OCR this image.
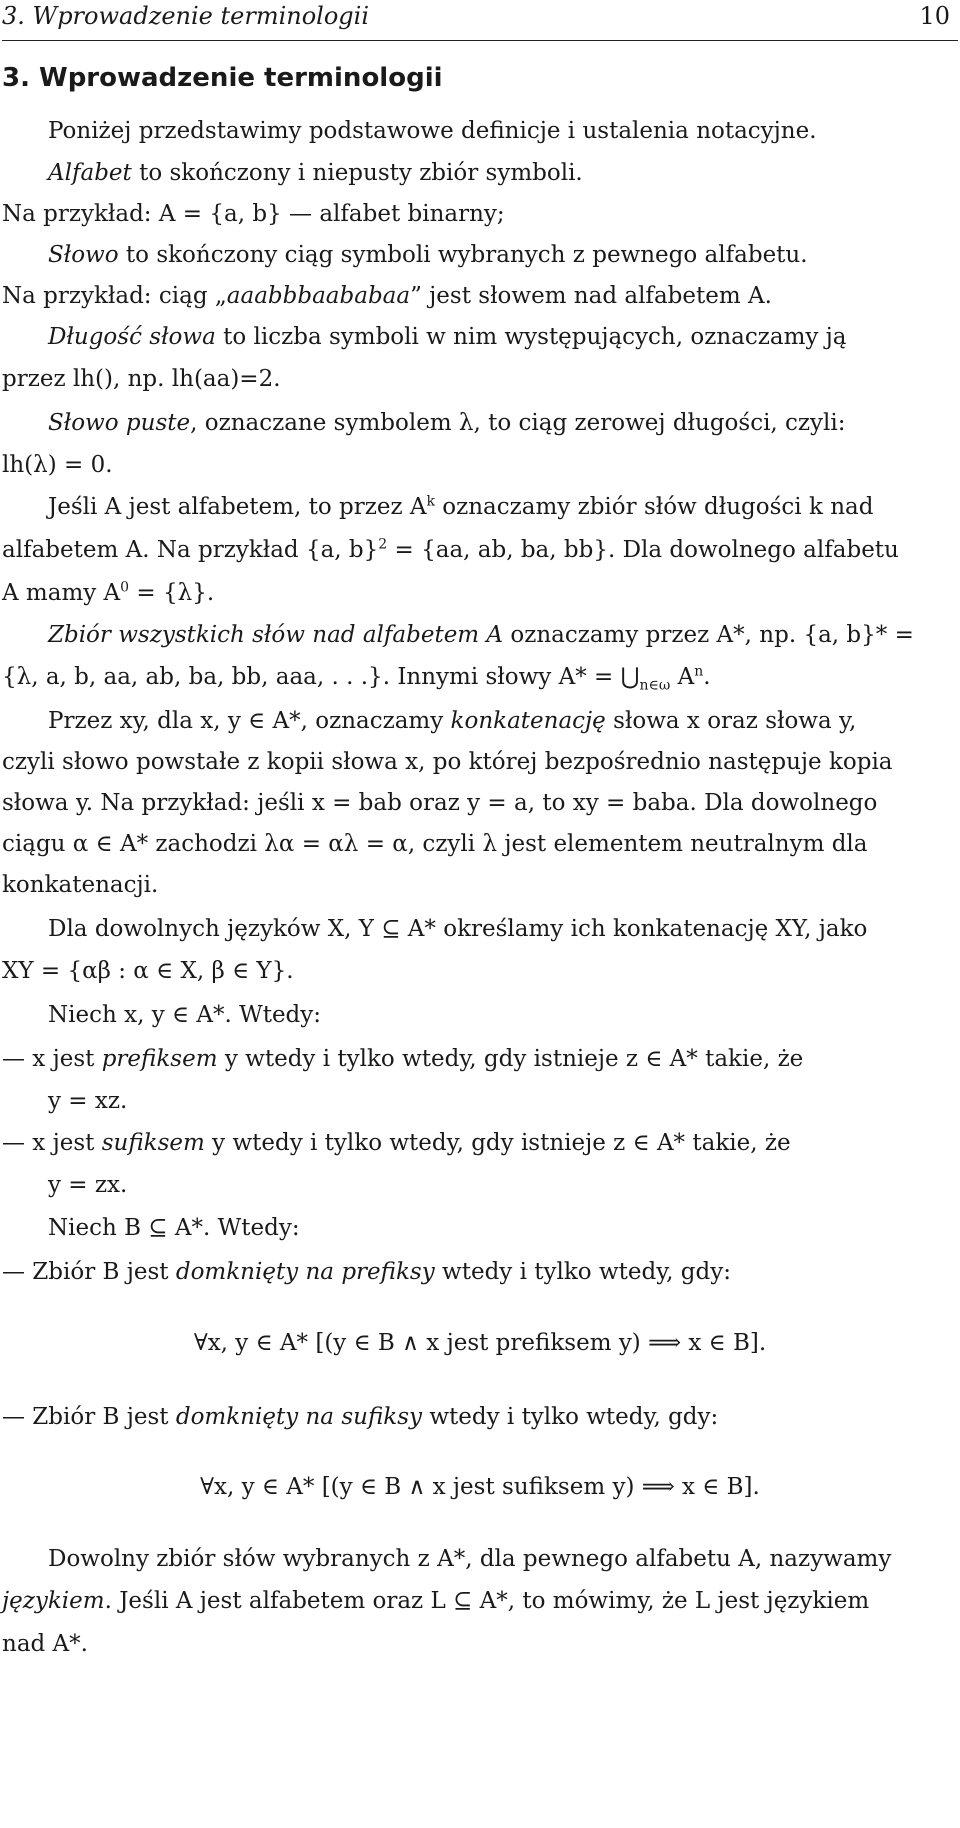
3. Wprowadzenie terminologii	10
3. Wprowadzenie terminologii
Poniżej przedstawimy podstawowe definicje i ustalenia notacyjne.
Alfabet to skończony i niepusty zbiór symboli.
Na przykład: A = {a, b} — alfabet binarny;
Słowo to skończony ciąg symboli wybranych z pewnego alfabetu.
Na przykład: ciąg „aaabbbaababaa” jest słowem nad alfabetem A.
Długość słowa to liczba symboli w nim występujących, oznaczamy ją
przez lh(), np. lh(aa)=2.
Słowo puste, oznaczane symbolem λ, to ciąg zerowej długości, czyli:
lh(λ) = 0.
Jeśli A jest alfabetem, to przez $A^k$ oznaczamy zbiór słów długości k nad
alfabetem A. Na przykład {a, b}$^2$ = {aa, ab, ba, bb}. Dla dowolnego alfabetu
A mamy $A^0 = \{\lambda\}$.
Zbiór wszystkich słów nad alfabetem A oznaczamy przez A*, np. {a, b}* =
{λ, a, b, aa, ab, ba, bb, aaa, . . .}. Innymi słowy $A* = ⋃_{n\in\omega}$ $A^n$.
Przez xy, dla x, y ∈ A*, oznaczamy konkatenację słowa x oraz słowa y,
czyli słowo powstałe z kopii słowa x, po której bezpośrednio następuje kopia
słowa y. Na przykład: jeśli x = bab oraz y = a, to xy = baba. Dla dowolnego
ciągu α ∈ A* zachodzi λα = αλ = α, czyli λ jest elementem neutralnym dla
konkatenacji.
Dla dowolnych języków X, Y ⊆ A* określamy ich konkatenację XY, jako
XY = {αβ : α ∈ X, β ∈ Y}.
Niech x, y ∈ A*. Wtedy:
— x jest prefiksem y wtedy i tylko wtedy, gdy istnieje z ∈ A* takie, że
y = xz.
— x jest sufiksem y wtedy i tylko wtedy, gdy istnieje z ∈ A* takie, że
y = zx.
Niech B ⊆ A*. Wtedy:
— Zbiór B jest domknięty na prefiksy wtedy i tylko wtedy, gdy:
∀x, y ∈ A* [(y ∈ B ∧ x jest prefiksem y) ⟹ x ∈ B].
— Zbiór B jest domknięty na sufiksy wtedy i tylko wtedy, gdy:
∀x, y ∈ A* [(y ∈ B ∧ x jest sufiksem y) ⟹ x ∈ B].
Dowolny zbiór słów wybranych z A*, dla pewnego alfabetu A, nazywamy
językiem. Jeśli A jest alfabetem oraz L ⊆ A*, to mówimy, że L jest językiem
nad A*.
